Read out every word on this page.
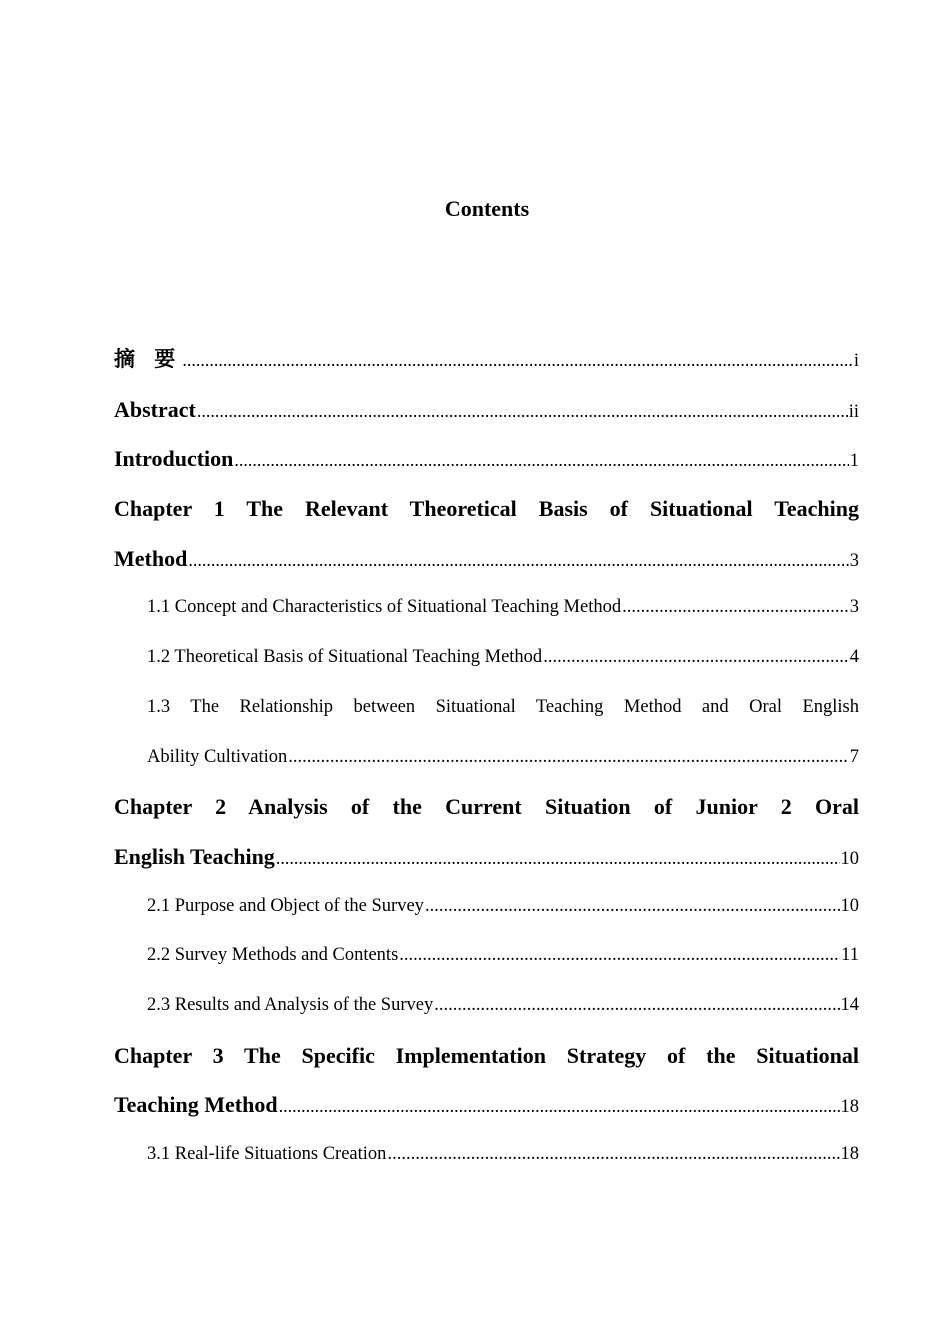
Contents
摘 要 .....	i
Abstract .....	ii
Introduction .....	1
Chapter 1 The Relevant Theoretical Basis of Situational Teaching
Method .....	3
1.1 Concept and Characteristics of Situational Teaching Method .....	3
1.2 Theoretical Basis of Situational Teaching Method .....	4
1.3 The Relationship between Situational Teaching Method and Oral English
Ability Cultivation .....	7
Chapter 2 Analysis of the Current Situation of Junior 2 Oral
English Teaching .....	10
2.1 Purpose and Object of the Survey .....	10
2.2 Survey Methods and Contents .....	11
2.3 Results and Analysis of the Survey .....	14
Chapter 3 The Specific Implementation Strategy of the Situational
Teaching Method .....	18
3.1 Real-life Situations Creation .....	18
